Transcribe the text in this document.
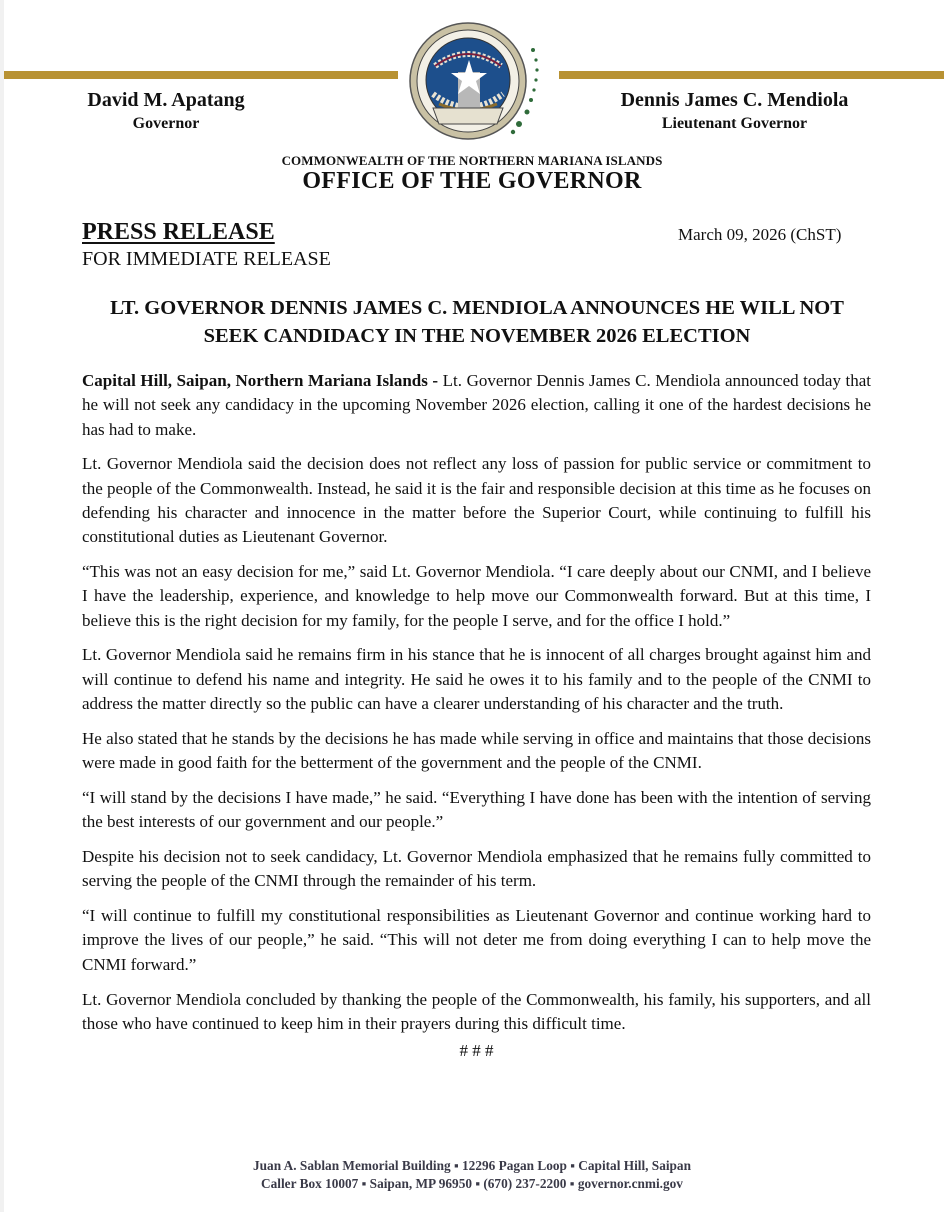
David M. Apatang
Governor
Dennis James C. Mendiola
Lieutenant Governor
COMMONWEALTH OF THE NORTHERN MARIANA ISLANDS
OFFICE OF THE GOVERNOR
PRESS RELEASE
FOR IMMEDIATE RELEASE
March 09, 2026 (ChST)
LT. GOVERNOR DENNIS JAMES C. MENDIOLA ANNOUNCES HE WILL NOT SEEK CANDIDACY IN THE NOVEMBER 2026 ELECTION

Capital Hill, Saipan, Northern Mariana Islands - Lt. Governor Dennis James C. Mendiola announced today that he will not seek any candidacy in the upcoming November 2026 election, calling it one of the hardest decisions he has had to make.

Lt. Governor Mendiola said the decision does not reflect any loss of passion for public service or commitment to the people of the Commonwealth. Instead, he said it is the fair and responsible decision at this time as he focuses on defending his character and innocence in the matter before the Superior Court, while continuing to fulfill his constitutional duties as Lieutenant Governor.

“This was not an easy decision for me,” said Lt. Governor Mendiola. “I care deeply about our CNMI, and I believe I have the leadership, experience, and knowledge to help move our Commonwealth forward. But at this time, I believe this is the right decision for my family, for the people I serve, and for the office I hold.”

Lt. Governor Mendiola said he remains firm in his stance that he is innocent of all charges brought against him and will continue to defend his name and integrity. He said he owes it to his family and to the people of the CNMI to address the matter directly so the public can have a clearer understanding of his character and the truth.

He also stated that he stands by the decisions he has made while serving in office and maintains that those decisions were made in good faith for the betterment of the government and the people of the CNMI.

“I will stand by the decisions I have made,” he said. “Everything I have done has been with the intention of serving the best interests of our government and our people.”

Despite his decision not to seek candidacy, Lt. Governor Mendiola emphasized that he remains fully committed to serving the people of the CNMI through the remainder of his term.

“I will continue to fulfill my constitutional responsibilities as Lieutenant Governor and continue working hard to improve the lives of our people,” he said. “This will not deter me from doing everything I can to help move the CNMI forward.”

Lt. Governor Mendiola concluded by thanking the people of the Commonwealth, his family, his supporters, and all those who have continued to keep him in their prayers during this difficult time.

# # #
Juan A. Sablan Memorial Building ▪ 12296 Pagan Loop ▪ Capital Hill, Saipan
Caller Box 10007 ▪ Saipan, MP 96950 ▪ (670) 237-2200 ▪ governor.cnmi.gov
